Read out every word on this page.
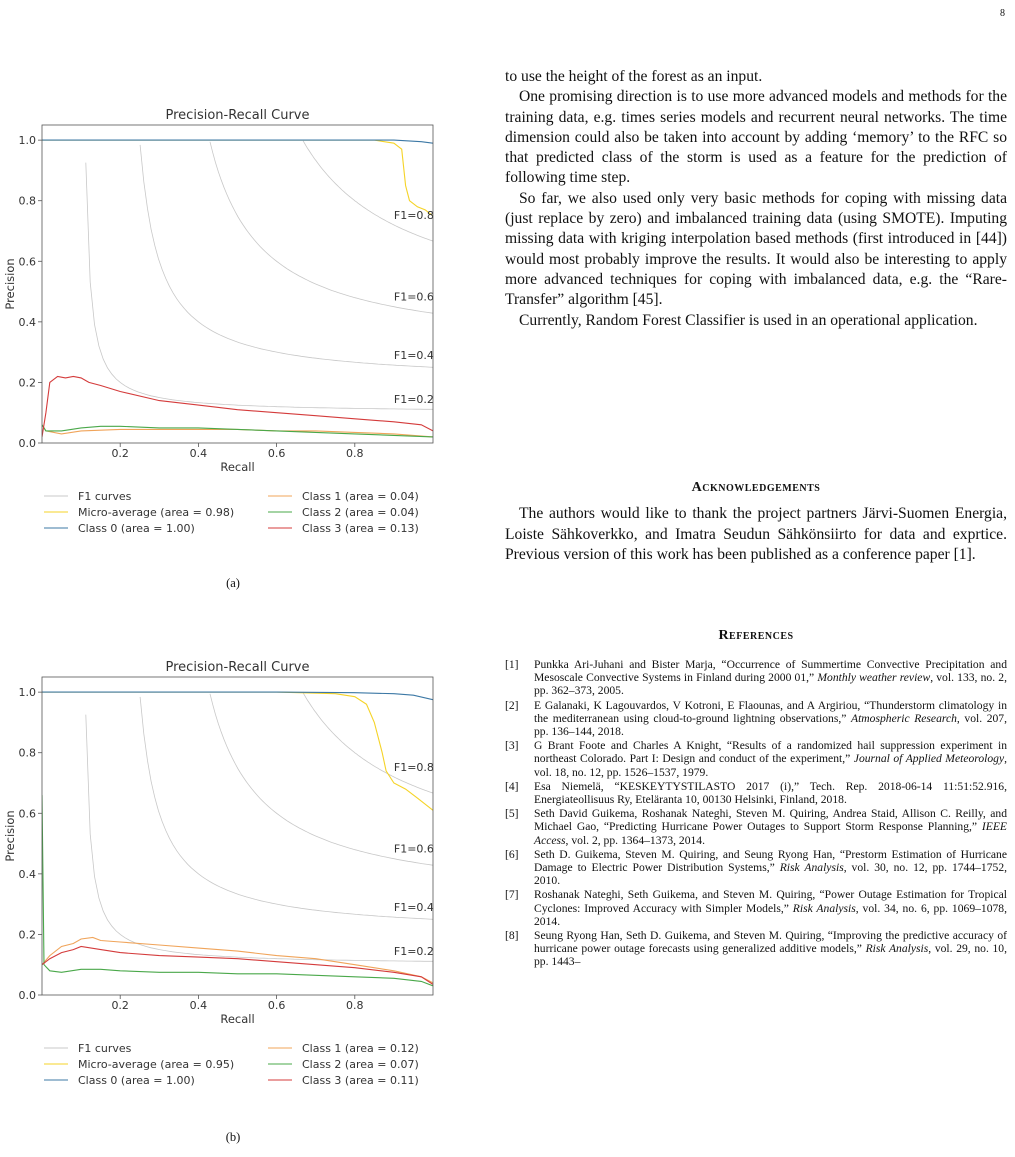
8
Precision-Recall Curve
F1=0.2
F1=0.4
F1=0.6
F1=0.8
0.2	0.4	0.6	0.8
0.0
0.2
0.4
0.6
0.8
1.0
Recall
Precision
F1 curves
Micro-average (area = 0.98)
Class 0 (area = 1.00)
Class 1 (area = 0.04)
Class 2 (area = 0.04)
Class 3 (area = 0.13)
(a)
Precision-Recall Curve
F1=0.2
F1=0.4
F1=0.6
F1=0.8
0.2	0.4	0.6	0.8
0.0
0.2
0.4
0.6
0.8
1.0
Recall
Precision
F1 curves
Micro-average (area = 0.95)
Class 0 (area = 1.00)
Class 1 (area = 0.12)
Class 2 (area = 0.07)
Class 3 (area = 0.11)
(b)

to use the height of the forest as an input.

One promising direction is to use more advanced models and methods for the training data, e.g. times series models and recurrent neural networks. The time dimension could also be taken into account by adding ‘memory’ to the RFC so that predicted class of the storm is used as a feature for the prediction of following time step.

So far, we also used only very basic methods for coping with missing data (just replace by zero) and imbalanced training data (using SMOTE). Imputing missing data with kriging interpolation based methods (first introduced in [44]) would most probably improve the results. It would also be interesting to apply more advanced techniques for coping with imbalanced data, e.g. the “Rare-Transfer” algorithm [45].

Currently, Random Forest Classifier is used in an operational application.

Acknowledgements

The authors would like to thank the project partners Järvi-Suomen Energia, Loiste Sähkoverkko, and Imatra Seudun Sähkönsiirto for data and exprtice. Previous version of this work has been published as a conference paper [1].

References
[1]	Punkka Ari-Juhani and Bister Marja, “Occurrence of Summertime Convective Precipitation and Mesoscale Convective Systems in Finland during 2000 01,” Monthly weather review, vol. 133, no. 2, pp. 362–373, 2005.
[2]	E Galanaki, K Lagouvardos, V Kotroni, E Flaounas, and A Argiriou, “Thunderstorm climatology in the mediterranean using cloud-to-ground lightning observations,” Atmospheric Research, vol. 207, pp. 136–144, 2018.
[3]	G Brant Foote and Charles A Knight, “Results of a randomized hail suppression experiment in northeast Colorado. Part I: Design and conduct of the experiment,” Journal of Applied Meteorology, vol. 18, no. 12, pp. 1526–1537, 1979.
[4]	Esa Niemelä, “KESKEYTYSTILASTO 2017 (i),” Tech. Rep. 2018-06-14 11:51:52.916, Energiateollisuus Ry, Eteläranta 10, 00130 Helsinki, Finland, 2018.
[5]	Seth David Guikema, Roshanak Nateghi, Steven M. Quiring, Andrea Staid, Allison C. Reilly, and Michael Gao, “Predicting Hurricane Power Outages to Support Storm Response Planning,” IEEE Access, vol. 2, pp. 1364–1373, 2014.
[6]	Seth D. Guikema, Steven M. Quiring, and Seung Ryong Han, “Prestorm Estimation of Hurricane Damage to Electric Power Distribution Systems,” Risk Analysis, vol. 30, no. 12, pp. 1744–1752, 2010.
[7]	Roshanak Nateghi, Seth Guikema, and Steven M. Quiring, “Power Outage Estimation for Tropical Cyclones: Improved Accuracy with Simpler Models,” Risk Analysis, vol. 34, no. 6, pp. 1069–1078, 2014.
[8]	Seung Ryong Han, Seth D. Guikema, and Steven M. Quiring, “Improving the predictive accuracy of hurricane power outage forecasts using generalized additive models,” Risk Analysis, vol. 29, no. 10, pp. 1443–
